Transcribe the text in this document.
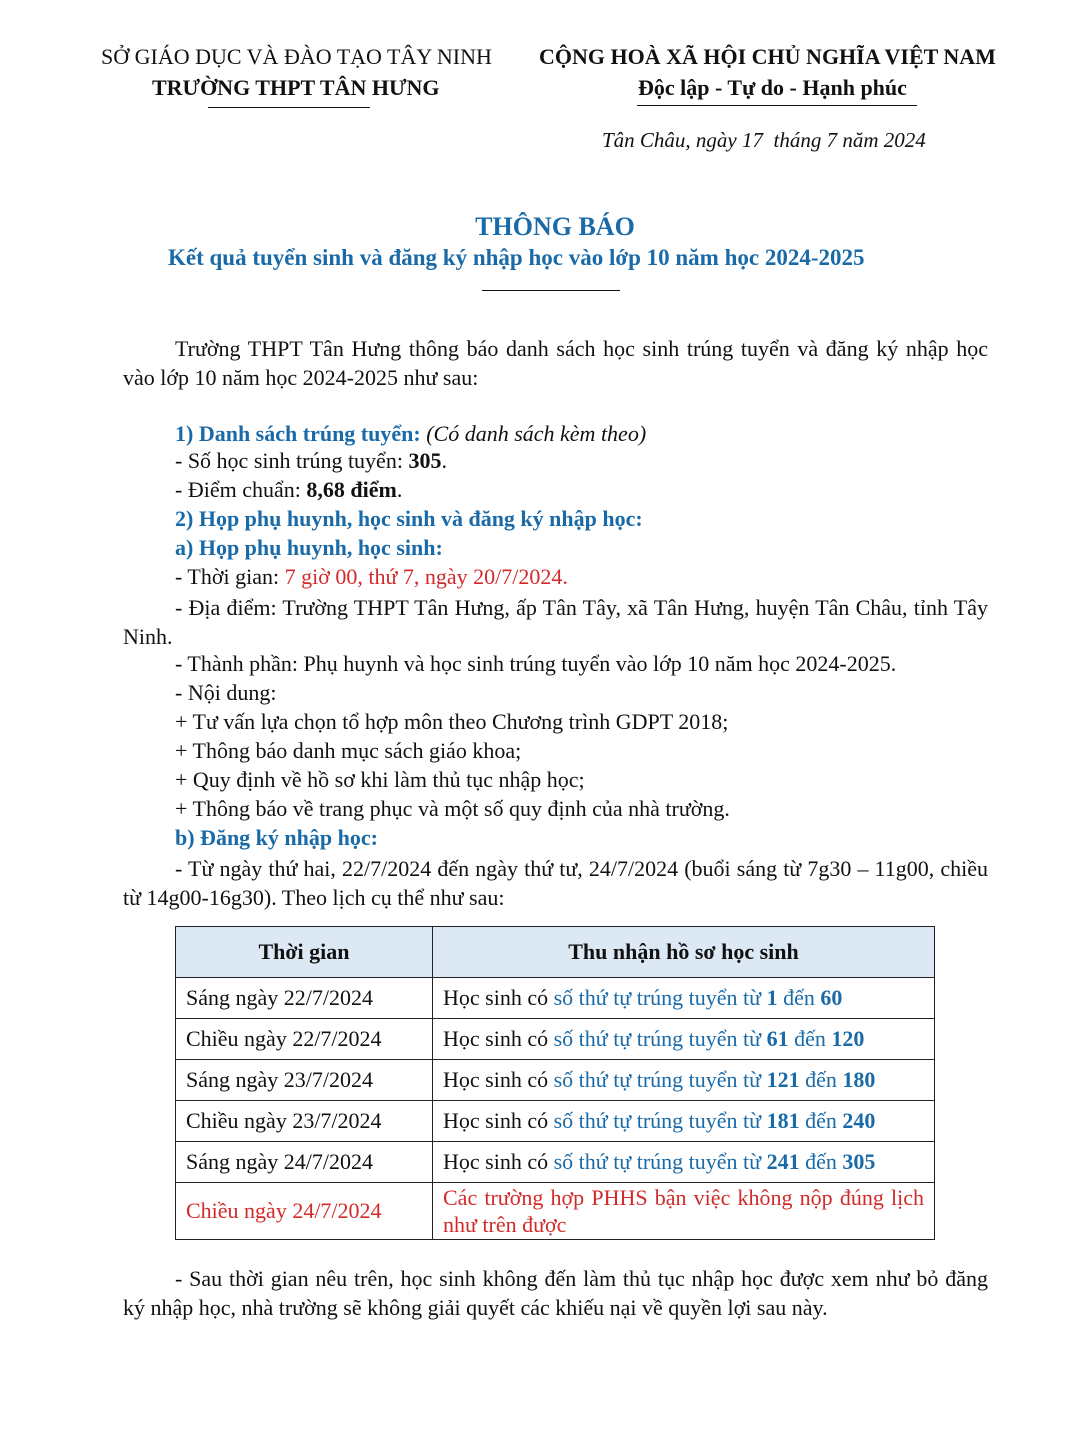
SỞ GIÁO DỤC VÀ ĐÀO TẠO TÂY NINH
TRƯỜNG THPT TÂN HƯNG
CỘNG HOÀ XÃ HỘI CHỦ NGHĨA VIỆT NAM
Độc lập - Tự do - Hạnh phúc
Tân Châu, ngày 17  tháng 7 năm 2024
THÔNG BÁO
Kết quả tuyển sinh và đăng ký nhập học vào lớp 10 năm học 2024-2025
Trường THPT Tân Hưng thông báo danh sách học sinh trúng tuyển và đăng ký nhập học vào lớp 10 năm học 2024-2025 như sau:
1) Danh sách trúng tuyển: (Có danh sách kèm theo)
- Số học sinh trúng tuyển: 305.
- Điểm chuẩn: 8,68 điểm.
2) Họp phụ huynh, học sinh và đăng ký nhập học:
a) Họp phụ huynh, học sinh:
- Thời gian: 7 giờ 00, thứ 7, ngày 20/7/2024.
- Địa điểm: Trường THPT Tân Hưng, ấp Tân Tây, xã Tân Hưng, huyện Tân Châu, tỉnh Tây Ninh.
- Thành phần: Phụ huynh và học sinh trúng tuyển vào lớp 10 năm học 2024-2025.
- Nội dung:
+ Tư vấn lựa chọn tổ hợp môn theo Chương trình GDPT 2018;
+ Thông báo danh mục sách giáo khoa;
+ Quy định về hồ sơ khi làm thủ tục nhập học;
+ Thông báo về trang phục và một số quy định của nhà trường.
b) Đăng ký nhập học:
- Từ ngày thứ hai, 22/7/2024 đến ngày thứ tư, 24/7/2024 (buổi sáng từ 7g30 – 11g00, chiều từ 14g00-16g30). Theo lịch cụ thể như sau:
Thời gian	Thu nhận hồ sơ học sinh
Sáng ngày 22/7/2024	Học sinh có số thứ tự trúng tuyển từ 1 đến 60
Chiều ngày 22/7/2024	Học sinh có số thứ tự trúng tuyển từ 61 đến 120
Sáng ngày 23/7/2024	Học sinh có số thứ tự trúng tuyển từ 121 đến 180
Chiều ngày 23/7/2024	Học sinh có số thứ tự trúng tuyển từ 181 đến 240
Sáng ngày 24/7/2024	Học sinh có số thứ tự trúng tuyển từ 241 đến 305
Chiều ngày 24/7/2024	Các trường hợp PHHS bận việc không nộp đúng lịch như trên được
- Sau thời gian nêu trên, học sinh không đến làm thủ tục nhập học được xem như bỏ đăng ký nhập học, nhà trường sẽ không giải quyết các khiếu nại về quyền lợi sau này.
